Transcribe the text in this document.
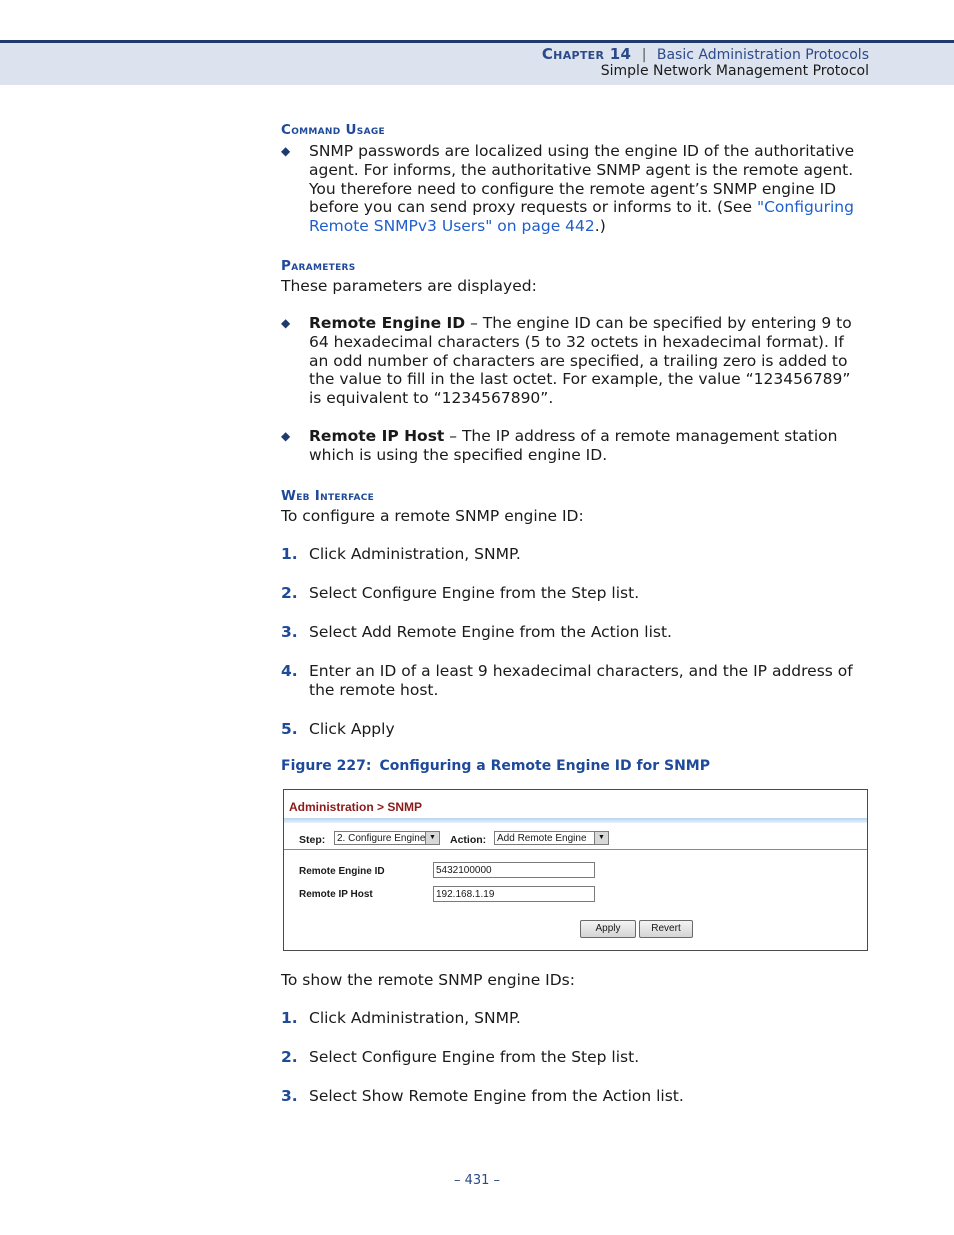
Chapter 14 | Basic Administration Protocols
Simple Network Management Protocol
Command Usage
◆ SNMP passwords are localized using the engine ID of the authoritative agent. For informs, the authoritative SNMP agent is the remote agent. You therefore need to configure the remote agent’s SNMP engine ID before you can send proxy requests or informs to it. (See "Configuring Remote SNMPv3 Users" on page 442.)
Parameters
These parameters are displayed:
◆ Remote Engine ID – The engine ID can be specified by entering 9 to 64 hexadecimal characters (5 to 32 octets in hexadecimal format). If an odd number of characters are specified, a trailing zero is added to the value to fill in the last octet. For example, the value “123456789” is equivalent to “1234567890”.
◆ Remote IP Host – The IP address of a remote management station which is using the specified engine ID.
Web Interface
To configure a remote SNMP engine ID:
1. Click Administration, SNMP.
2. Select Configure Engine from the Step list.
3. Select Add Remote Engine from the Action list.
4. Enter an ID of a least 9 hexadecimal characters, and the IP address of the remote host.
5. Click Apply
Figure 227: Configuring a Remote Engine ID for SNMP
To show the remote SNMP engine IDs:
1. Click Administration, SNMP.
2. Select Configure Engine from the Step list.
3. Select Show Remote Engine from the Action list.
Administration > SNMP
Step:	2. Configure Engine ▼ Action:	Add Remote Engine	▼
Remote Engine ID	5432100000
Remote IP Host	192.168.1.19
Apply	Revert
– 431 –
